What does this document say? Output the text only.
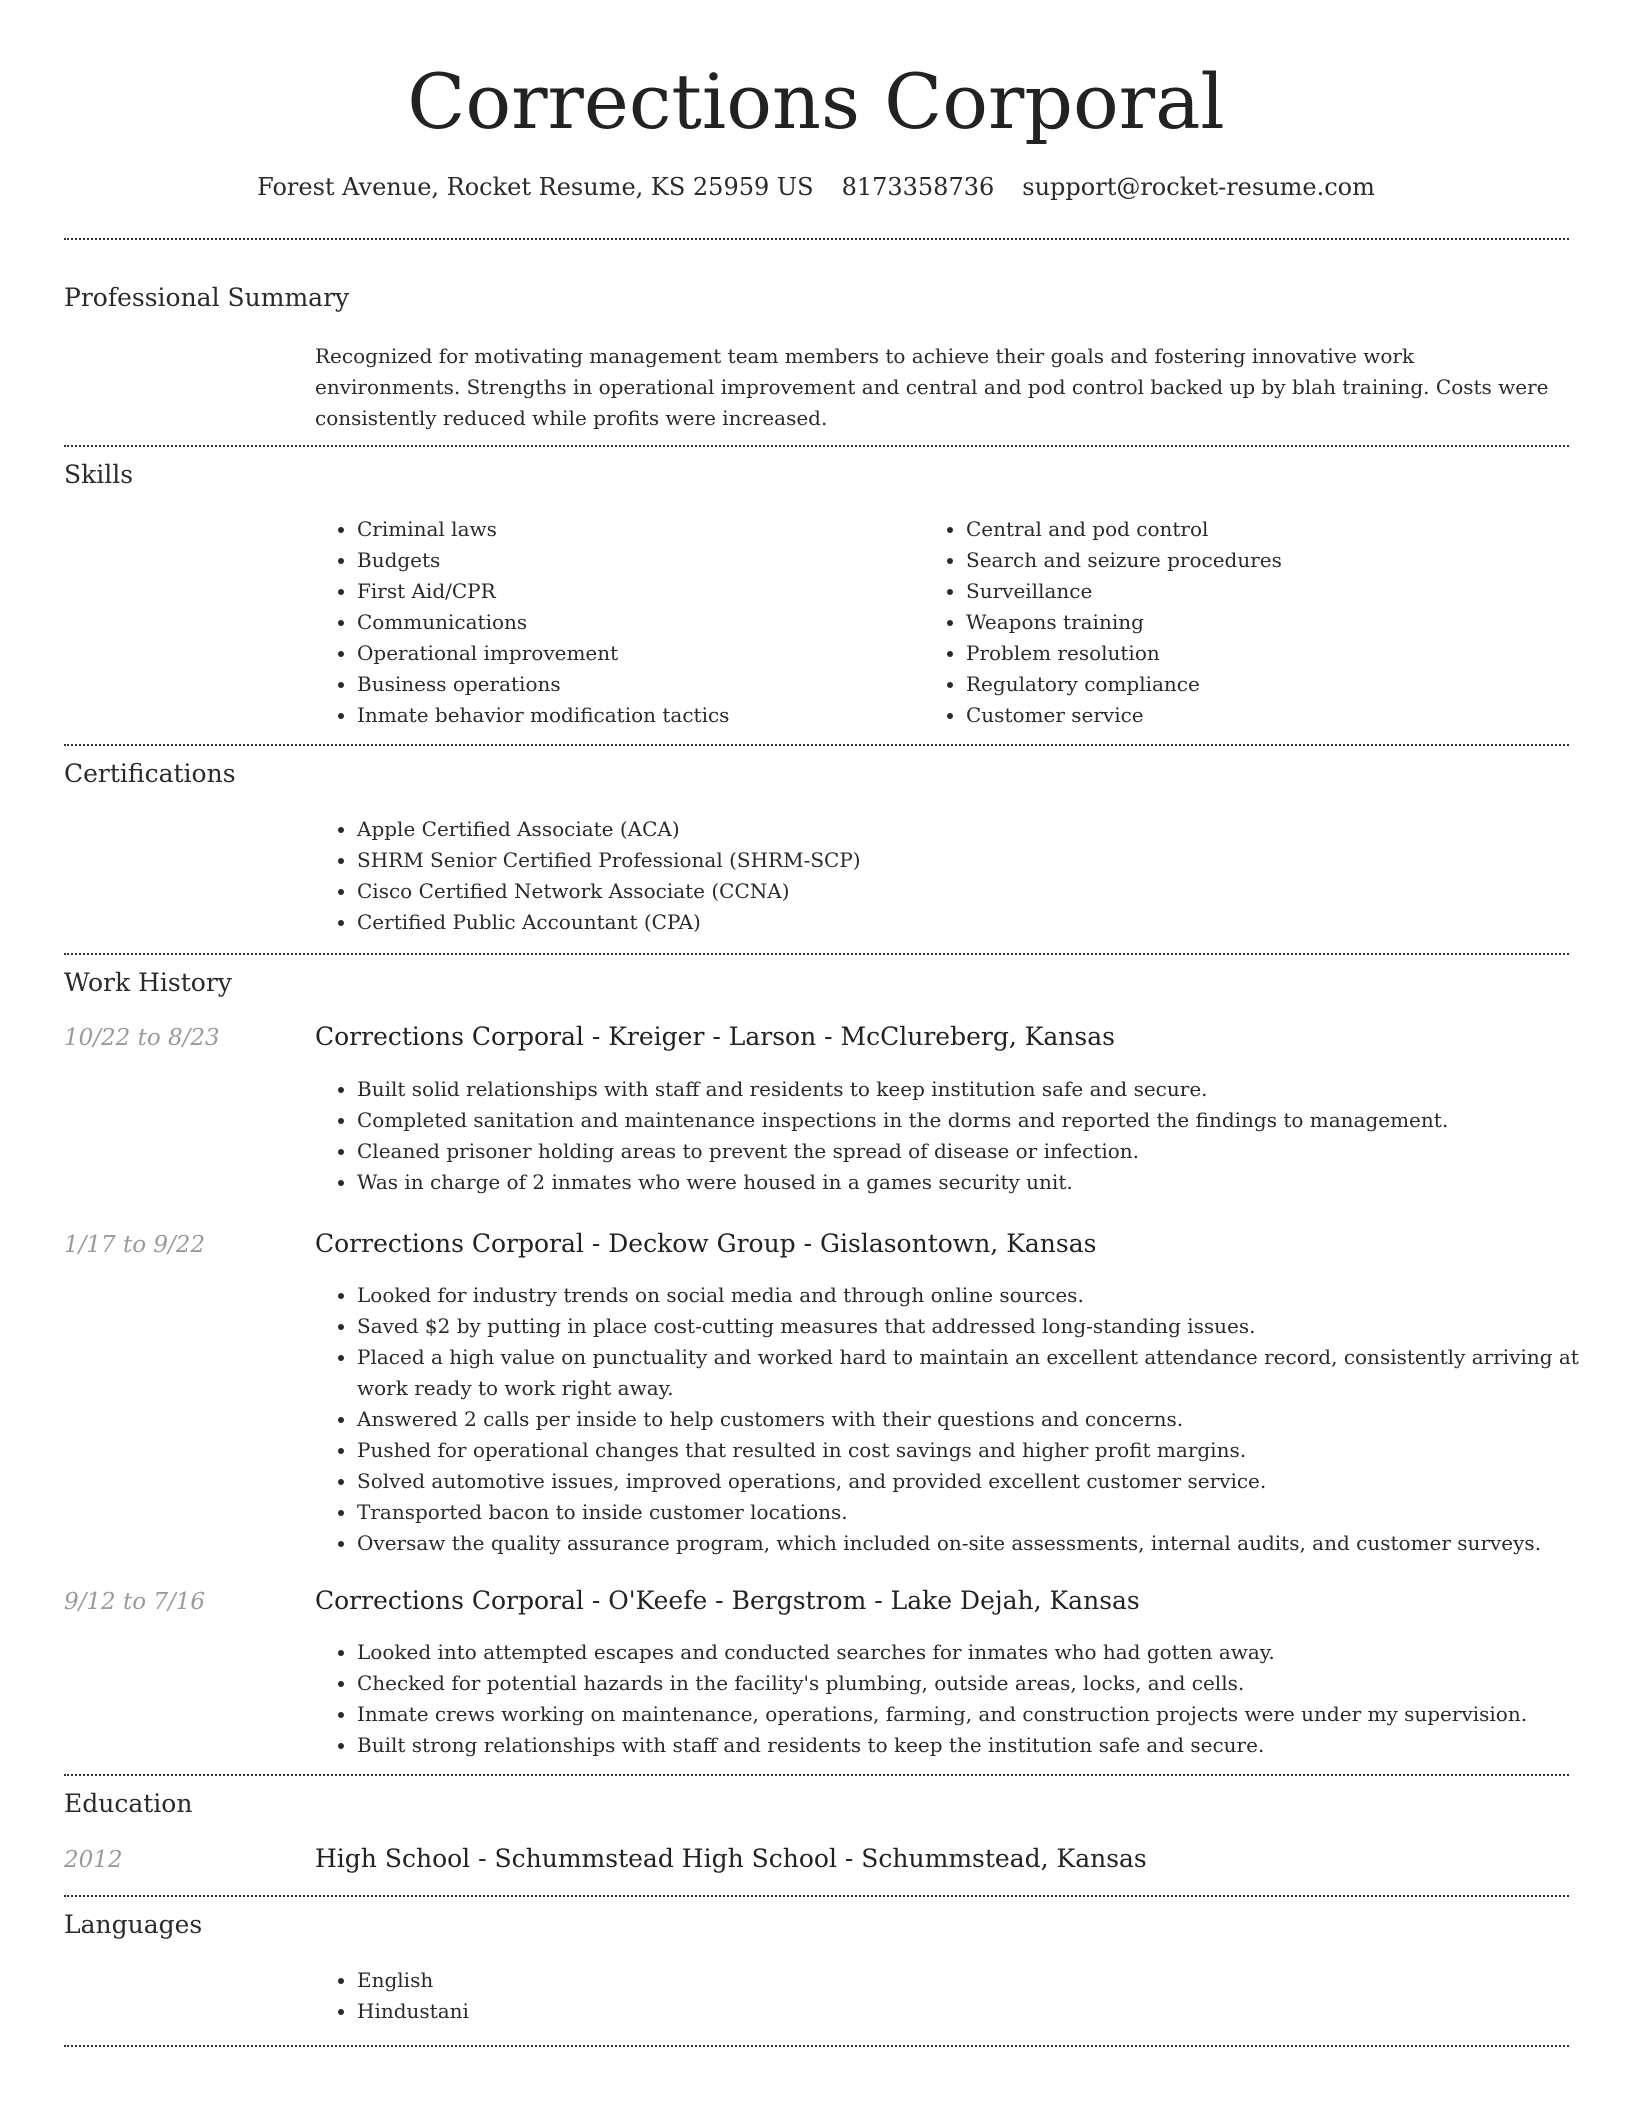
Corrections Corporal
Forest Avenue, Rocket Resume, KS 25959 US 8173358736 support@rocket-resume.com
Professional Summary

Recognized for motivating management team members to achieve their goals and fostering innovative work environments. Strengths in operational improvement and central and pod control backed up by blah training. Costs were consistently reduced while profits were increased.

Skills
• Criminal laws
• Budgets
• First Aid/CPR
• Communications
• Operational improvement
• Business operations
• Inmate behavior modification tactics
• Central and pod control
• Search and seizure procedures
• Surveillance
• Weapons training
• Problem resolution
• Regulatory compliance
• Customer service
Certifications
• Apple Certified Associate (ACA)
• SHRM Senior Certified Professional (SHRM-SCP)
• Cisco Certified Network Associate (CCNA)
• Certified Public Accountant (CPA)
Work History
10/22 to 8/23	Corrections Corporal - Kreiger - Larson - McClureberg, Kansas
• Built solid relationships with staff and residents to keep institution safe and secure.
• Completed sanitation and maintenance inspections in the dorms and reported the findings to management.
• Cleaned prisoner holding areas to prevent the spread of disease or infection.
• Was in charge of 2 inmates who were housed in a games security unit.
1/17 to 9/22	Corrections Corporal - Deckow Group - Gislasontown, Kansas
• Looked for industry trends on social media and through online sources.
• Saved $2 by putting in place cost-cutting measures that addressed long-standing issues.
• Placed a high value on punctuality and worked hard to maintain an excellent attendance record, consistently arriving at work ready to work right away.
• Answered 2 calls per inside to help customers with their questions and concerns.
• Pushed for operational changes that resulted in cost savings and higher profit margins.
• Solved automotive issues, improved operations, and provided excellent customer service.
• Transported bacon to inside customer locations.
• Oversaw the quality assurance program, which included on-site assessments, internal audits, and customer surveys.
9/12 to 7/16	Corrections Corporal - O'Keefe - Bergstrom - Lake Dejah, Kansas
• Looked into attempted escapes and conducted searches for inmates who had gotten away.
• Checked for potential hazards in the facility's plumbing, outside areas, locks, and cells.
• Inmate crews working on maintenance, operations, farming, and construction projects were under my supervision.
• Built strong relationships with staff and residents to keep the institution safe and secure.
Education
2012	High School - Schummstead High School - Schummstead, Kansas
Languages
• English
• Hindustani
